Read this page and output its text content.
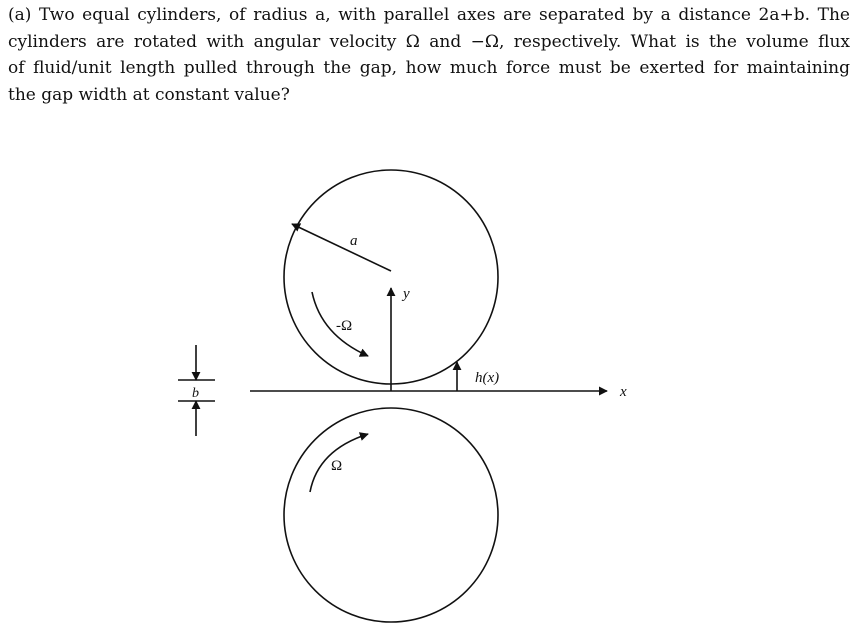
(a) Two equal cylinders, of radius a, with parallel axes are separated by a distance 2a+b. The
cylinders are rotated with angular velocity Ω and −Ω, respectively. What is the volume flux
of fluid/unit length pulled through the gap, how much force must be exerted for maintaining
the gap width at constant value?
a
y
x
-Ω
Ω
h(x)
b
